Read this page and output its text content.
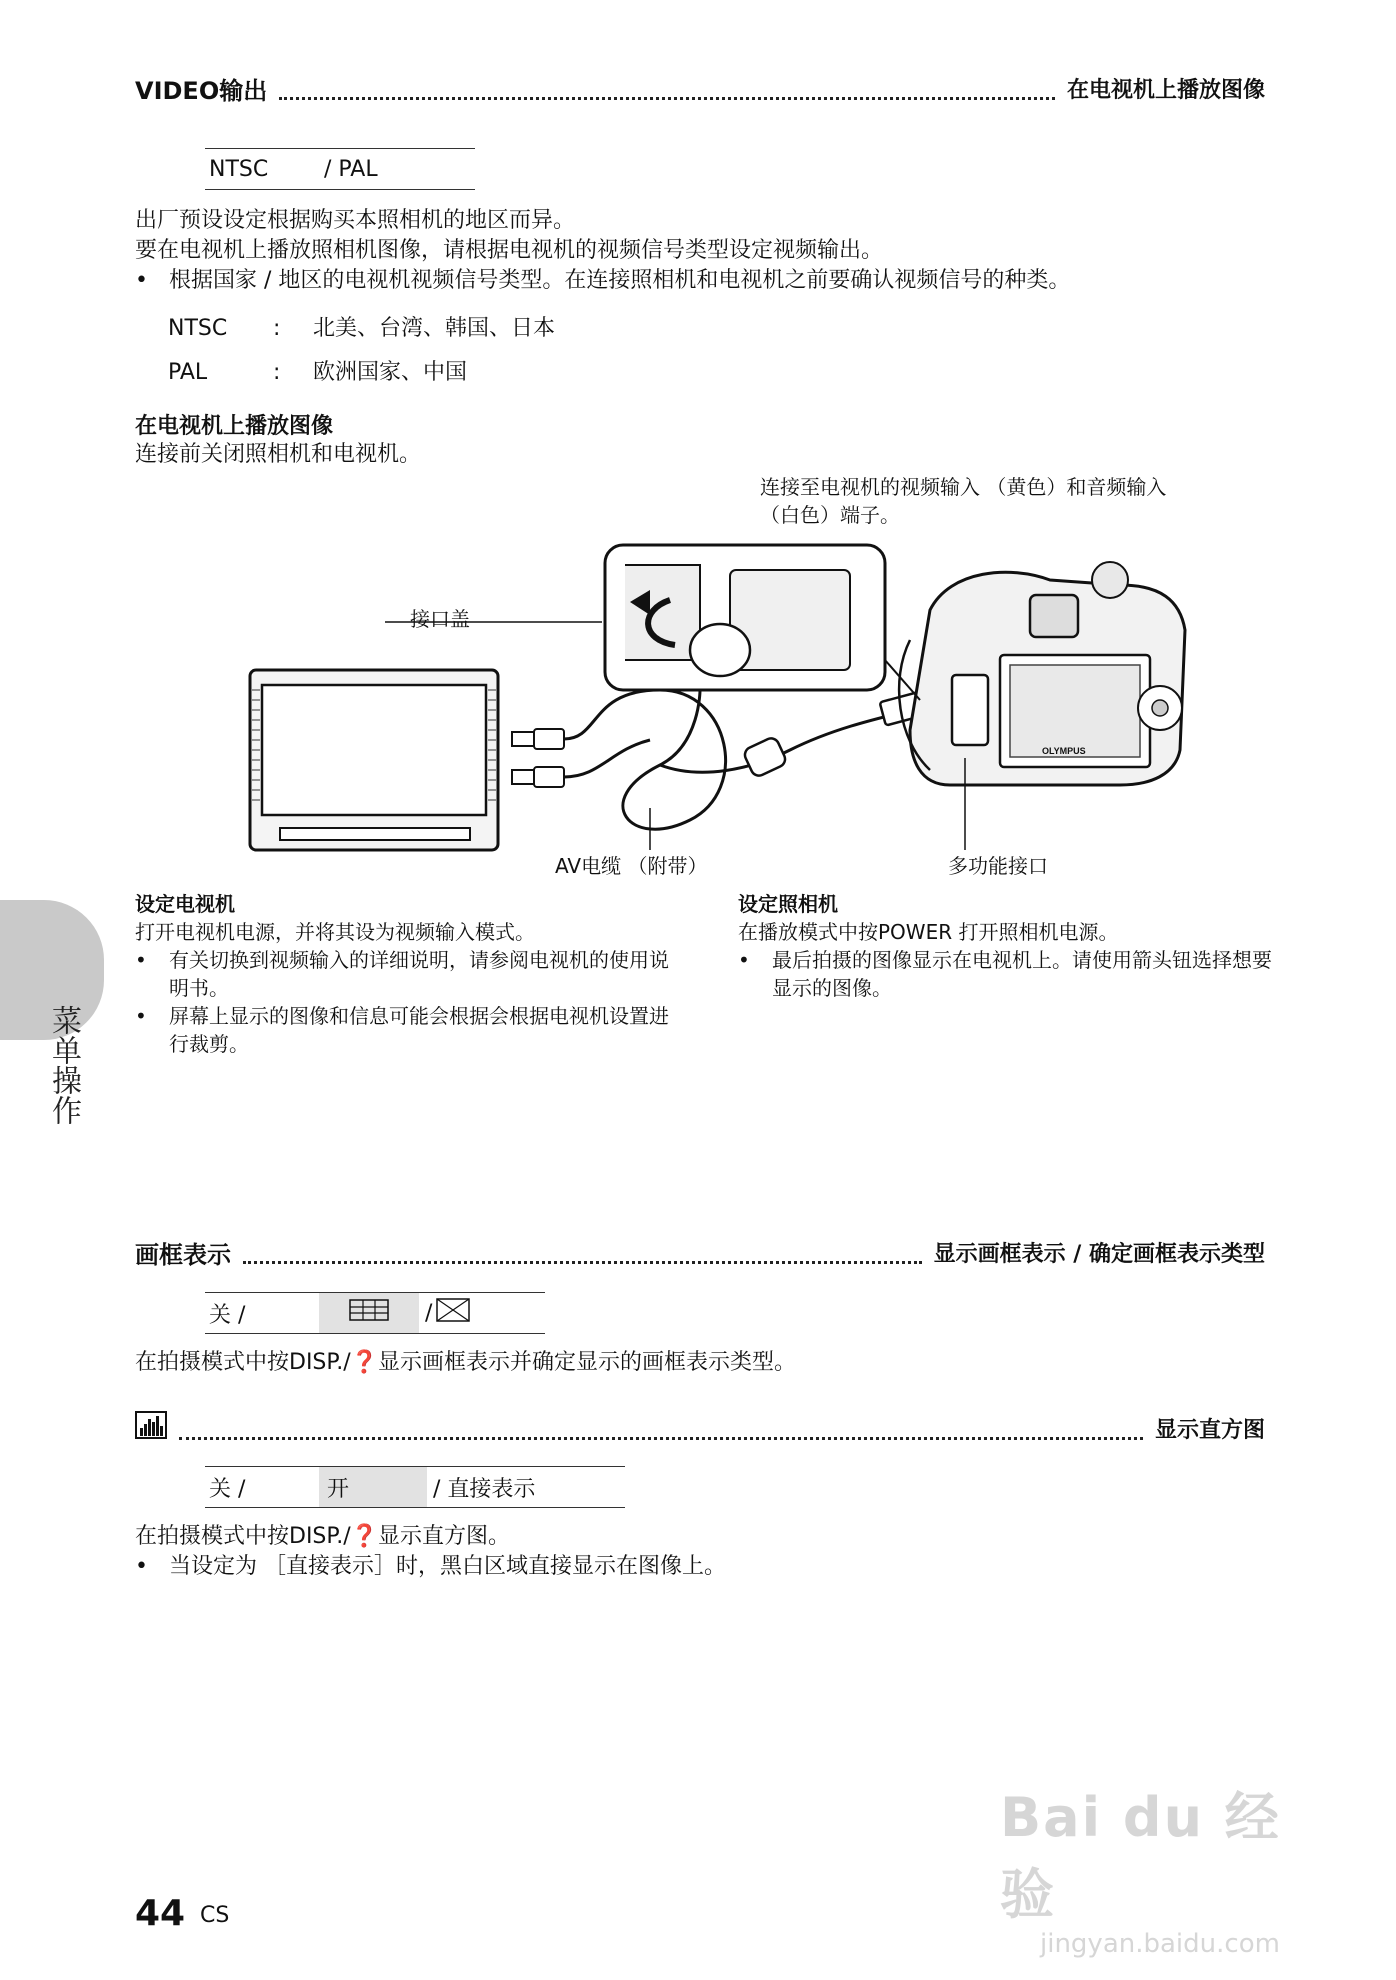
VIDEO输出	在电视机上播放图像
NTSC	/ PAL
出厂预设设定根据购买本照相机的地区而异。
要在电视机上播放照相机图像，请根据电视机的视频信号类型设定视频输出。
• 根据国家 / 地区的电视机视频信号类型。在连接照相机和电视机之前要确认视频信号的种类。
NTSC : 北美、台湾、韩国、日本
PAL	: 欧洲国家、中国
在电视机上播放图像
连接前关闭照相机和电视机。
连接至电视机的视频输入 （黄色）和音频输入
（白色）端子。
OLYMPUS
接口盖
AV电缆 （附带）	多功能接口
设定电视机
打开电视机电源，并将其设为视频输入模式。
• 有关切换到视频输入的详细说明，请参阅电视机的使用说明书。
• 屏幕上显示的图像和信息可能会根据会根据电视机设置进行裁剪。
设定照相机
在播放模式中按POWER 打开照相机电源。
• 最后拍摄的图像显示在电视机上。请使用箭头钮选择想要显示的图像。
菜单操作
画框表示	显示画框表示 / 确定画框表示类型
关 /	/
在拍摄模式中按DISP./❓显示画框表示并确定显示的画框表示类型。
显示直方图
关 /	开	/ 直接表示
在拍摄模式中按DISP./❓显示直方图。
• 当设定为 ［直接表示］时，黑白区域直接显示在图像上。
44 CS
Bai du 经验
jingyan.baidu.com
